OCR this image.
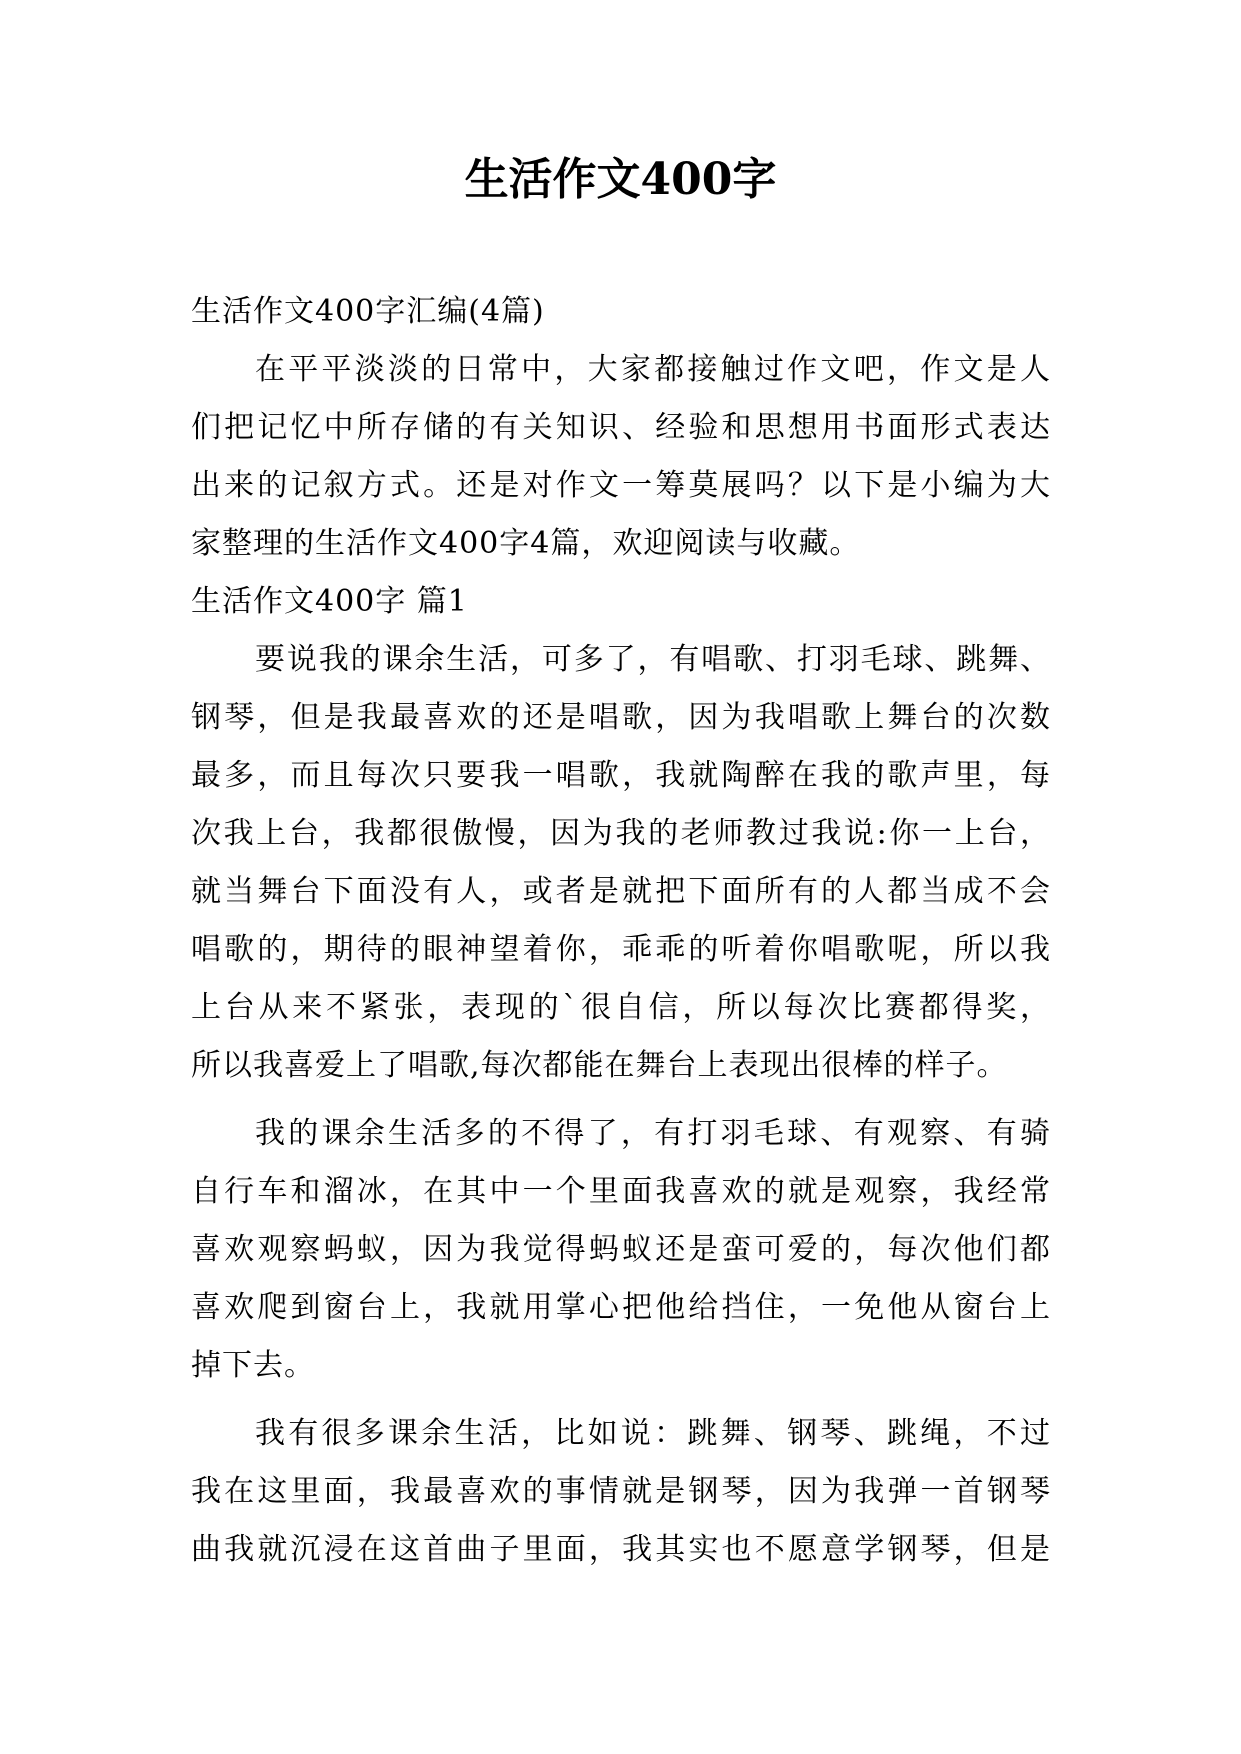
生活作文400字
生活作文400字汇编(4篇)
在平平淡淡的日常中，大家都接触过作文吧，作文是人
们把记忆中所存储的有关知识、经验和思想用书面形式表达
出来的记叙方式。还是对作文一筹莫展吗？以下是小编为大
家整理的生活作文400字4篇，欢迎阅读与收藏。
生活作文400字 篇1
要说我的课余生活，可多了，有唱歌、打羽毛球、跳舞、
钢琴，但是我最喜欢的还是唱歌，因为我唱歌上舞台的次数
最多，而且每次只要我一唱歌，我就陶醉在我的歌声里，每
次我上台，我都很傲慢，因为我的老师教过我说:你一上台，
就当舞台下面没有人，或者是就把下面所有的人都当成不会
唱歌的，期待的眼神望着你，乖乖的听着你唱歌呢，所以我
上台从来不紧张，表现的`很自信，所以每次比赛都得奖，
所以我喜爱上了唱歌,每次都能在舞台上表现出很棒的样子。
我的课余生活多的不得了，有打羽毛球、有观察、有骑
自行车和溜冰，在其中一个里面我喜欢的就是观察，我经常
喜欢观察蚂蚁，因为我觉得蚂蚁还是蛮可爱的，每次他们都
喜欢爬到窗台上，我就用掌心把他给挡住，一免他从窗台上
掉下去。
我有很多课余生活，比如说：跳舞、钢琴、跳绳，不过
我在这里面，我最喜欢的事情就是钢琴，因为我弹一首钢琴
曲我就沉浸在这首曲子里面，我其实也不愿意学钢琴，但是
